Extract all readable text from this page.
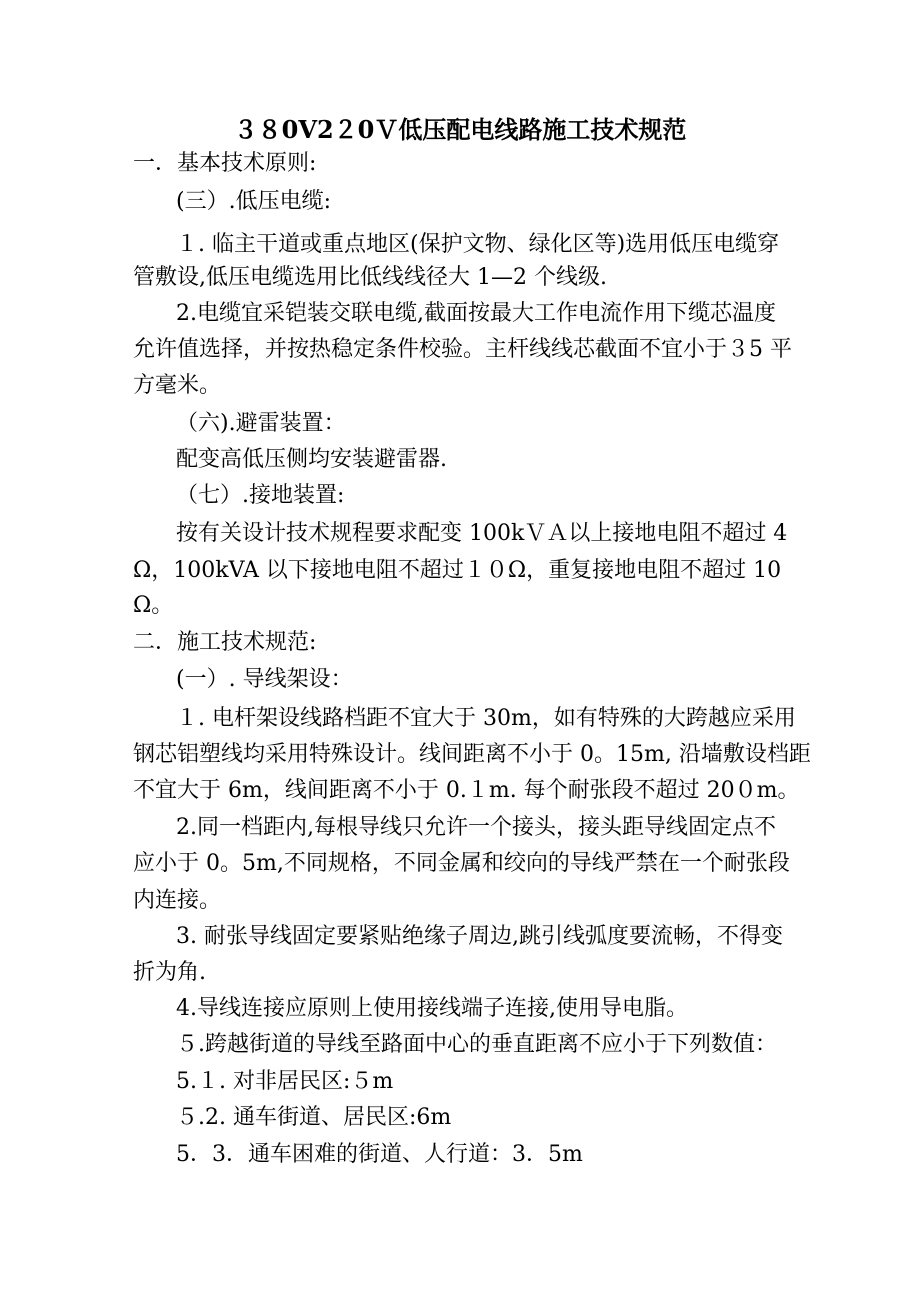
３８0V2２0Ｖ低压配电线路施工技术规范
一．基本技术原则:
(三）.低压电缆:
１. 临主干道或重点地区(保护文物、绿化区等)选用低压电缆穿
管敷设,低压电缆选用比低线线径大 1—2 个线级.
2.电缆宜采铠装交联电缆,截面按最大工作电流作用下缆芯温度
允许值选择，并按热稳定条件校验。主杆线线芯截面不宜小于３5 平
方毫米。
（六).避雷装置：
配变高低压侧均安装避雷器.
（七）.接地装置:
按有关设计技术规程要求配变 100kＶＡ以上接地电阻不超过 4
Ω，100kVA 以下接地电阻不超过１０Ω，重复接地电阻不超过 10
Ω。
二．施工技术规范:
(一）. 导线架设：
１. 电杆架设线路档距不宜大于 30m，如有特殊的大跨越应采用
钢芯铝塑线均采用特殊设计。线间距离不小于 0。15m, 沿墙敷设档距
不宜大于 6m，线间距离不小于 0.１m. 每个耐张段不超过 20０m。
2.同一档距内,每根导线只允许一个接头，接头距导线固定点不
应小于 0。5m,不同规格，不同金属和绞向的导线严禁在一个耐张段
内连接。
3. 耐张导线固定要紧贴绝缘子周边,跳引线弧度要流畅，不得变
折为角.
4.导线连接应原则上使用接线端子连接,使用导电脂。
５.跨越街道的导线至路面中心的垂直距离不应小于下列数值：
5.１. 对非居民区:５m
５.2. 通车街道、居民区:6m
5．3．通车困难的街道、人行道：3．5m
